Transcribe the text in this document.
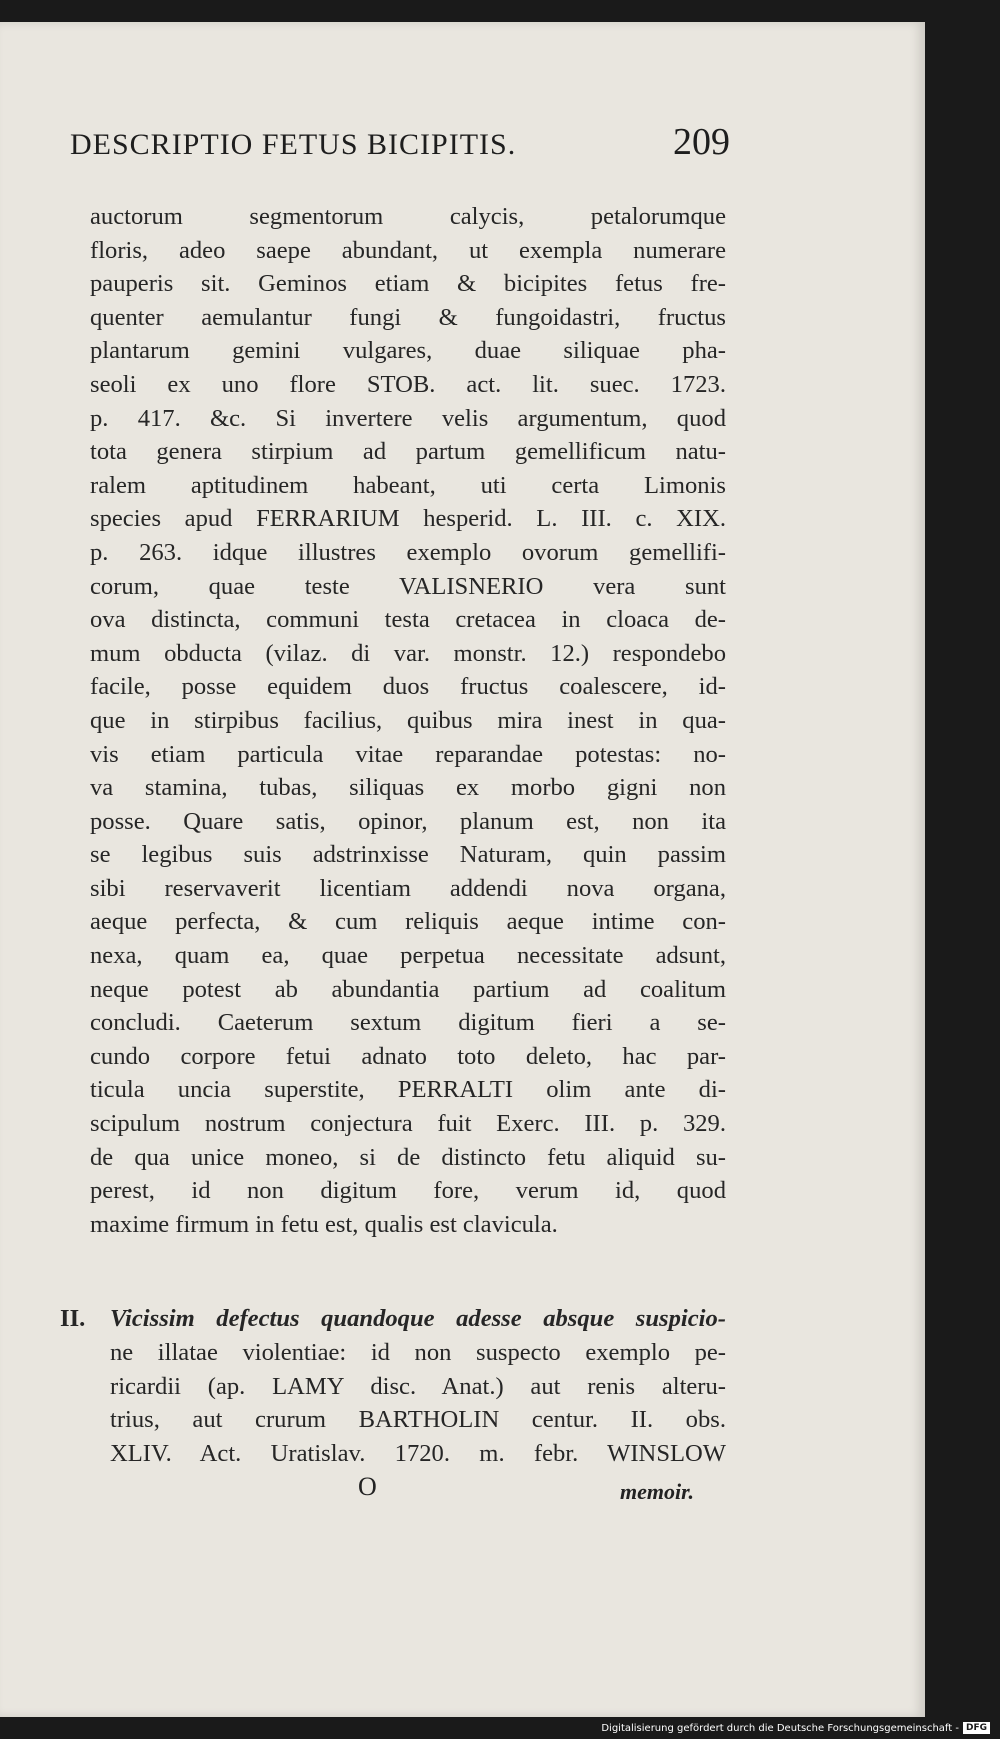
DESCRIPTIO FETUS BICIPITIS.	209
auctorum segmentorum calycis, petalorumque
floris, adeo saepe abundant, ut exempla numerare
pauperis sit. Geminos etiam & bicipites fetus fre-
quenter aemulantur fungi & fungoidastri, fructus
plantarum gemini vulgares, duae siliquae pha-
seoli ex uno flore STOB. act. lit. suec. 1723.
p. 417. &c. Si invertere velis argumentum, quod
tota genera stirpium ad partum gemellificum natu-
ralem aptitudinem habeant, uti certa Limonis
species apud FERRARIUM hesperid. L. III. c. XIX.
p. 263. idque illustres exemplo ovorum gemellifi-
corum, quae teste VALISNERIO vera sunt
ova distincta, communi testa cretacea in cloaca de-
mum obducta (vilaz. di var. monstr. 12.) respondebo
facile, posse equidem duos fructus coalescere, id-
que in stirpibus facilius, quibus mira inest in qua-
vis etiam particula vitae reparandae potestas: no-
va stamina, tubas, siliquas ex morbo gigni non
posse. Quare satis, opinor, planum est, non ita
se legibus suis adstrinxisse Naturam, quin passim
sibi reservaverit licentiam addendi nova organa,
aeque perfecta, & cum reliquis aeque intime con-
nexa, quam ea, quae perpetua necessitate adsunt,
neque potest ab abundantia partium ad coalitum
concludi. Caeterum sextum digitum fieri a se-
cundo corpore fetui adnato toto deleto, hac par-
ticula uncia superstite, PERRALTI olim ante di-
scipulum nostrum conjectura fuit Exerc. III. p. 329.
de qua unice moneo, si de distincto fetu aliquid su-
perest, id non digitum fore, verum id, quod
maxime firmum in fetu est, qualis est clavicula.
II. Vicissim defectus quandoque adesse absque suspicio-
ne illatae violentiae: id non suspecto exemplo pe-
ricardii (ap. LAMY disc. Anat.) aut renis alteru-
trius, aut crurum BARTHOLIN centur. II. obs.
XLIV. Act. Uratislav. 1720. m. febr. WINSLOW
O	memoir.
Digitalisierung gefördert durch die Deutsche Forschungsgemeinschaft - DFG
